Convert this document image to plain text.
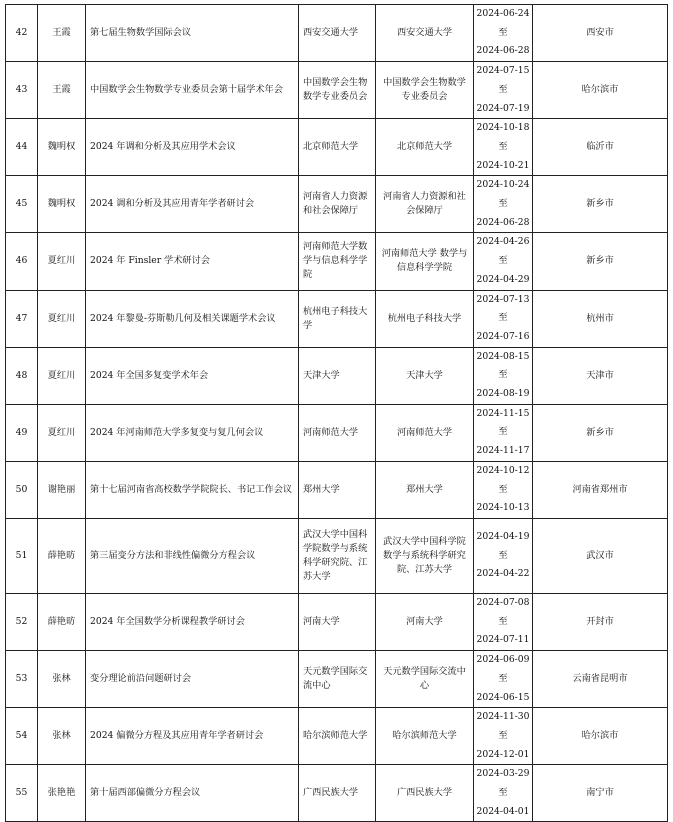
42	王霞	第七届生物数学国际会议	西安交通大学	西安交通大学	2024-06-24
至
2024-06-28	西安市
43	王霞	中国数学会生物数学专业委员会第十届学术年会	中国数学会生物数学专业委员会	中国数学会生物数学专业委员会	2024-07-15
至
2024-07-19	哈尔滨市
44	魏明权	2024 年调和分析及其应用学术会议	北京师范大学	北京师范大学	2024-10-18
至
2024-10-21	临沂市
45	魏明权	2024 调和分析及其应用青年学者研讨会	河南省人力资源和社会保障厅	河南省人力资源和社会保障厅	2024-10-24
至
2024-06-28	新乡市
46	夏红川	2024 年 Finsler 学术研讨会	河南师范大学数学与信息科学学院	河南师范大学 数学与信息科学学院	2024-04-26
至
2024-04-29	新乡市
47	夏红川	2024 年黎曼-芬斯勒几何及相关课题学术会议	杭州电子科技大学	杭州电子科技大学	2024-07-13
至
2024-07-16	杭州市
48	夏红川	2024 年全国多复变学术年会	天津大学	天津大学	2024-08-15
至
2024-08-19	天津市
49	夏红川	2024 年河南师范大学多复变与复几何会议	河南师范大学	河南师范大学	2024-11-15
至
2024-11-17	新乡市
50	谢艳丽	第十七届河南省高校数学学院院长、书记工作会议	郑州大学	郑州大学	2024-10-12
至
2024-10-13	河南省郑州市
51	薛艳昉	第三届变分方法和非线性偏微分方程会议	武汉大学中国科学院数学与系统科学研究院、江苏大学	武汉大学中国科学院数学与系统科学研究院、江苏大学	2024-04-19
至
2024-04-22	武汉市
52	薛艳昉	2024 年全国数学分析课程教学研讨会	河南大学	河南大学	2024-07-08
至
2024-07-11	开封市
53	张林	变分理论前沿问题研讨会	天元数学国际交流中心	天元数学国际交流中心	2024-06-09
至
2024-06-15	云南省昆明市
54	张林	2024 偏微分方程及其应用青年学者研讨会	哈尔滨师范大学	哈尔滨师范大学	2024-11-30
至
2024-12-01	哈尔滨市
55	张艳艳	第十届西部偏微分方程会议	广西民族大学	广西民族大学	2024-03-29
至
2024-04-01	南宁市
